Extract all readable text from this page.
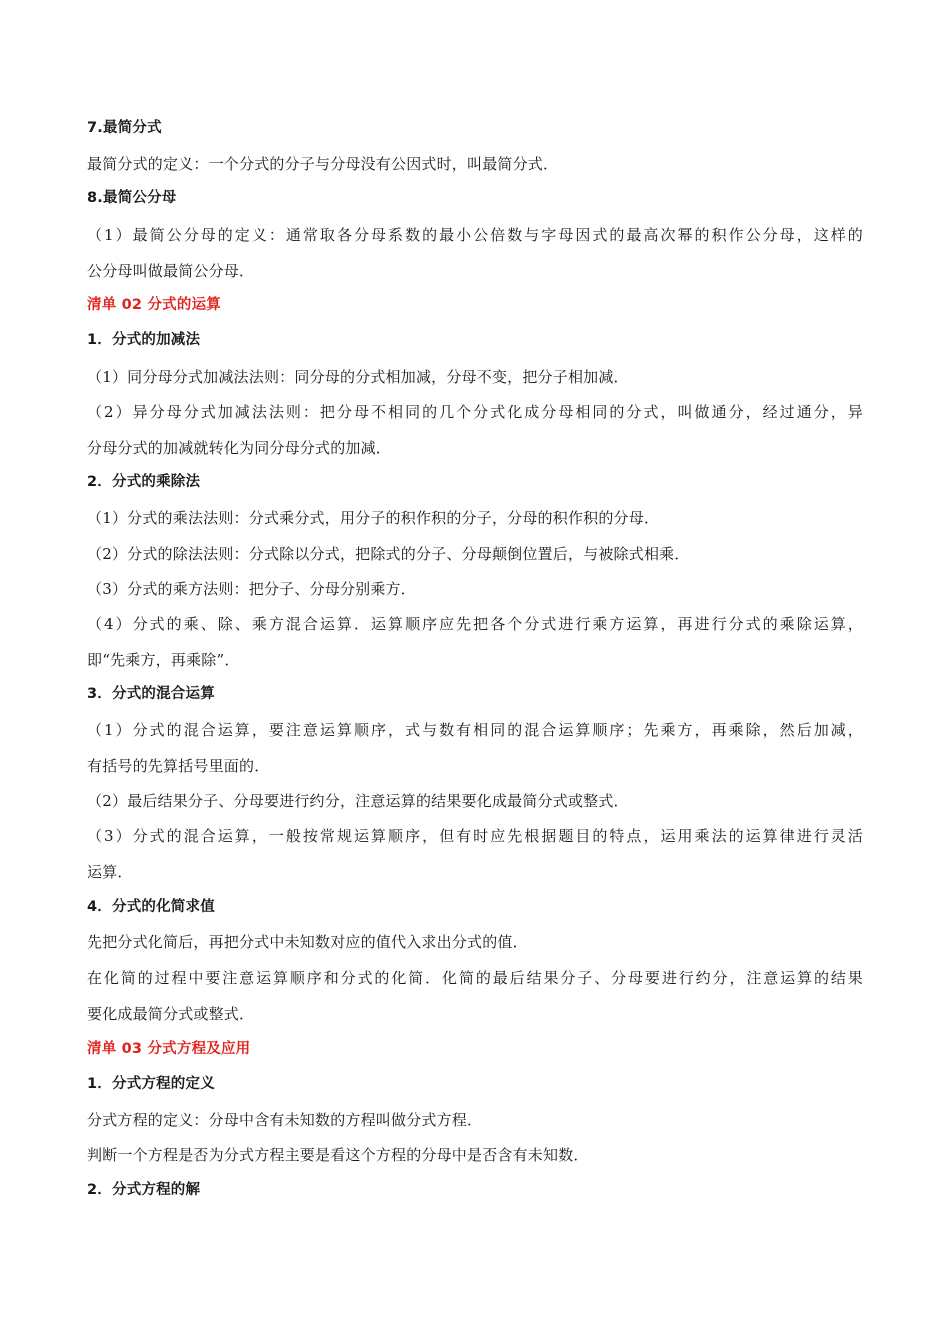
7.最简分式
最简分式的定义：一个分式的分子与分母没有公因式时，叫最简分式．
8.最简公分母
（1）最简公分母的定义：通常取各分母系数的最小公倍数与字母因式的最高次幂的积作公分母，这样的
公分母叫做最简公分母．
清单 02 分式的运算
1．分式的加减法
（1）同分母分式加减法法则：同分母的分式相加减，分母不变，把分子相加减．
（2）异分母分式加减法法则：把分母不相同的几个分式化成分母相同的分式，叫做通分，经过通分，异
分母分式的加减就转化为同分母分式的加减．
2．分式的乘除法
（1）分式的乘法法则：分式乘分式，用分子的积作积的分子，分母的积作积的分母．
（2）分式的除法法则：分式除以分式，把除式的分子、分母颠倒位置后，与被除式相乘．
（3）分式的乘方法则：把分子、分母分别乘方．
（4）分式的乘、除、乘方混合运算．运算顺序应先把各个分式进行乘方运算，再进行分式的乘除运算，
即“先乘方，再乘除”．
3．分式的混合运算
（1）分式的混合运算，要注意运算顺序，式与数有相同的混合运算顺序；先乘方，再乘除，然后加减，
有括号的先算括号里面的．
（2）最后结果分子、分母要进行约分，注意运算的结果要化成最简分式或整式．
（3）分式的混合运算，一般按常规运算顺序，但有时应先根据题目的特点，运用乘法的运算律进行灵活
运算．
4．分式的化简求值
先把分式化简后，再把分式中未知数对应的值代入求出分式的值．
在化简的过程中要注意运算顺序和分式的化简．化简的最后结果分子、分母要进行约分，注意运算的结果
要化成最简分式或整式．
清单 03 分式方程及应用
1．分式方程的定义
分式方程的定义：分母中含有未知数的方程叫做分式方程．
判断一个方程是否为分式方程主要是看这个方程的分母中是否含有未知数．
2．分式方程的解
